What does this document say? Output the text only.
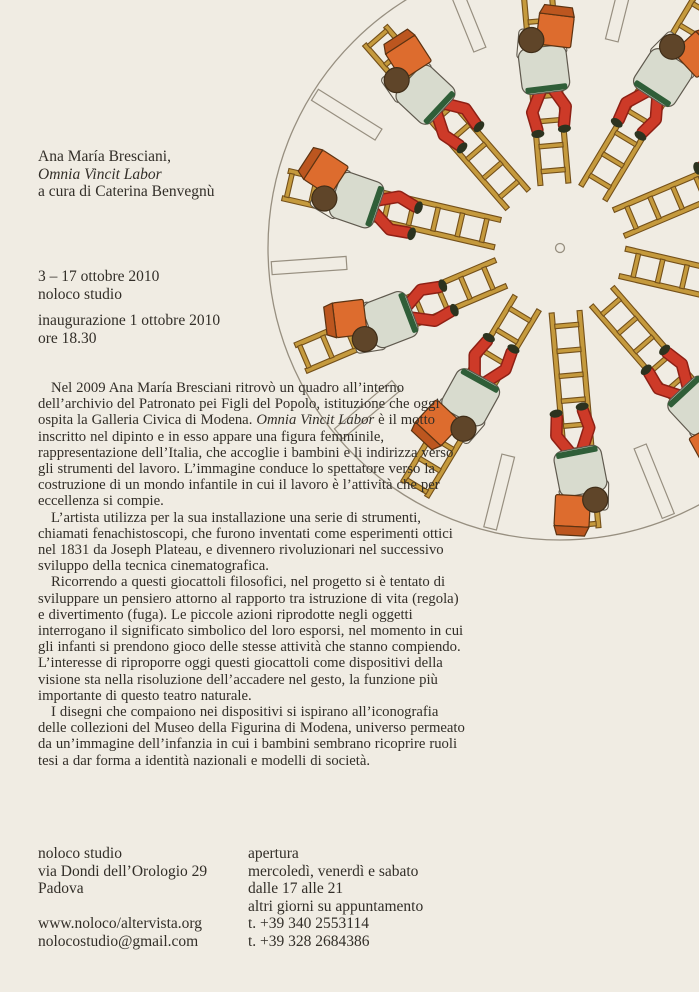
Ana María Bresciani,
Omnia Vincit Labor
a cura di Caterina Benvegnù
3 – 17 ottobre 2010
noloco studio
inaugurazione 1 ottobre 2010
ore 18.30

Nel 2009 Ana María Bresciani ritrovò un quadro all’interno dell’archivio del Patronato pei Figli del Popolo, istituzione che oggi ospita la Galleria Civica di Modena. Omnia Vincit Labor è il motto inscritto nel dipinto e in esso appare una figura femminile, rappresentazione dell’Italia, che accoglie i bambini e li indirizza verso gli strumenti del lavoro. L’immagine conduce lo spettatore verso la costruzione di un mondo infantile in cui il lavoro è l’attività che per eccellenza si compie.

L’artista utilizza per la sua installazione una serie di strumenti, chiamati fenachistoscopi, che furono inventati come esperimenti ottici nel 1831 da Joseph Plateau, e divennero rivoluzionari nel successivo sviluppo della tecnica cinematografica.

Ricorrendo a questi giocattoli filosofici, nel progetto si è tentato di sviluppare un pensiero attorno al rapporto tra istruzione di vita (regola) e divertimento (fuga). Le piccole azioni riprodotte negli oggetti interrogano il significato simbolico del loro esporsi, nel momento in cui gli infanti si prendono gioco delle stesse attività che stanno compiendo. L’interesse di riproporre oggi questi giocattoli come dispositivi della visione sta nella risoluzione dell’accadere nel gesto, la funzione più importante di questo teatro naturale.

I disegni che compaiono nei dispositivi si ispirano all’iconografia delle collezioni del Museo della Figurina di Modena, universo permeato da un’immagine dell’infanzia in cui i bambini sembrano ricoprire ruoli tesi a dar forma a identità nazionali e modelli di società.

noloco studio
via Dondi dell’Orologio 29
Padova
www.noloco/altervista.org
nolocostudio@gmail.com
apertura
mercoledì, venerdì e sabato
dalle 17 alle 21
altri giorni su appuntamento
t. +39 340 2553114
t. +39 328 2684386
